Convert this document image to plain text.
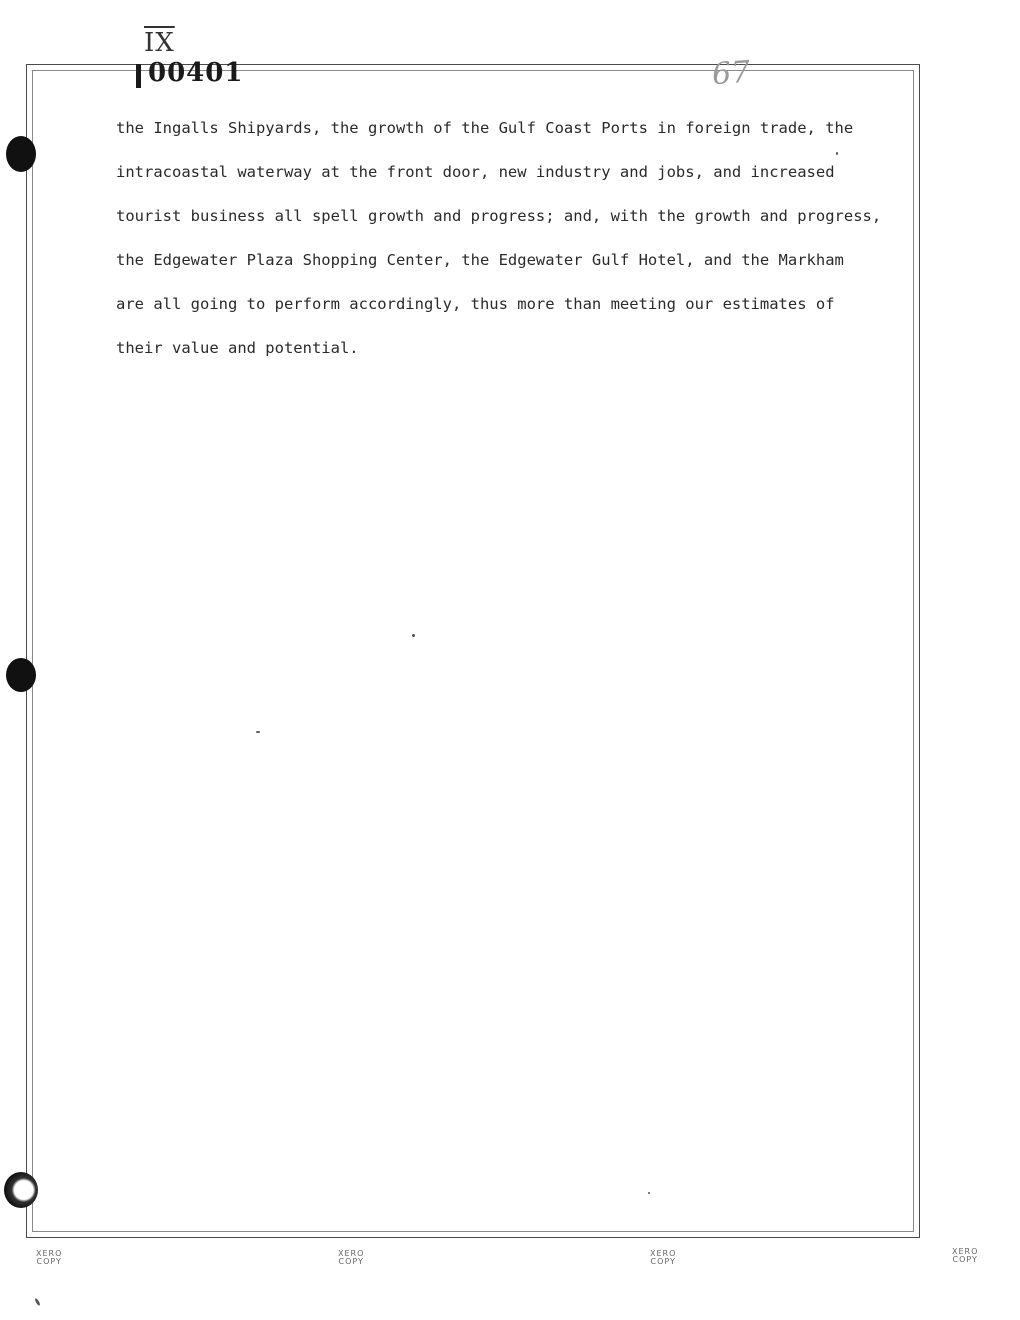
$\overline{IX}$
00401	67

the Ingalls Shipyards, the growth of the Gulf Coast Ports in foreign trade, the
intracoastal waterway at the front door, new industry and jobs, and increased
tourist business all spell growth and progress; and, with the growth and progress,
the Edgewater Plaza Shopping Center, the Edgewater Gulf Hotel, and the Markham
are all going to perform accordingly, thus more than meeting our estimates of
their value and potential.

XERO
COPY
XERO
COPY
XERO
COPY
XERO
COPY
